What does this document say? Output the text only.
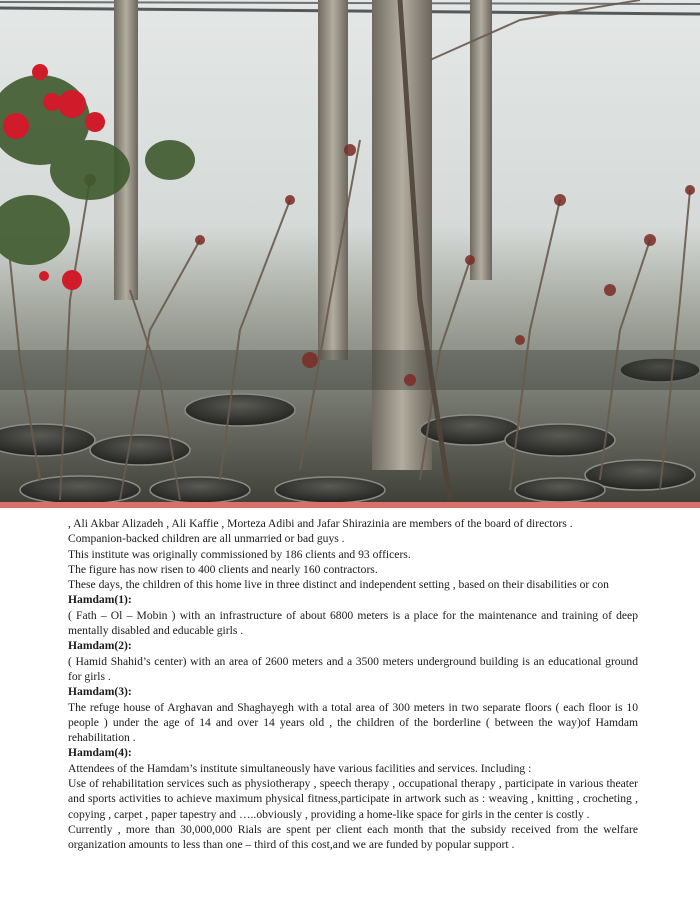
, Ali Akbar Alizadeh , Ali Kaffie , Morteza Adibi and Jafar Shirazinia are members of the board of directors .

Companion-backed children are all unmarried or bad guys .

This institute was originally commissioned by 186 clients and 93 officers.

The figure has now risen to 400 clients and nearly 160 contractors.

These days, the children of this home live in three distinct and independent setting , based on their disabilities or con

Hamdam(1):

( Fath – Ol – Mobin ) with an infrastructure of about 6800 meters is a place for the maintenance and training of deep mentally disabled and educable girls .

Hamdam(2):

( Hamid Shahid’s center) with an area of 2600 meters and a 3500 meters underground building is an educational ground for girls .

Hamdam(3):

The refuge house of Arghavan and Shaghayegh with a total area of 300 meters in two separate floors ( each floor is 10 people ) under the age of 14 and over 14 years old , the children of the borderline ( between the way)of Hamdam rehabilitation .

Hamdam(4):

Attendees of the Hamdam’s institute simultaneously have various facilities and services. Including :

Use of rehabilitation services such as physiotherapy , speech therapy , occupational therapy , participate in various theater and sports activities to achieve maximum physical fitness,participate in artwork such as : weaving , knitting , crocheting , copying , carpet , paper tapestry and …..obviously , providing a home-like space for girls in the center is costly .

Currently , more than 30,000,000 Rials are spent per client each month that the subsidy received from the welfare organization amounts to less than one – third of this cost,and we are funded by popular support .
